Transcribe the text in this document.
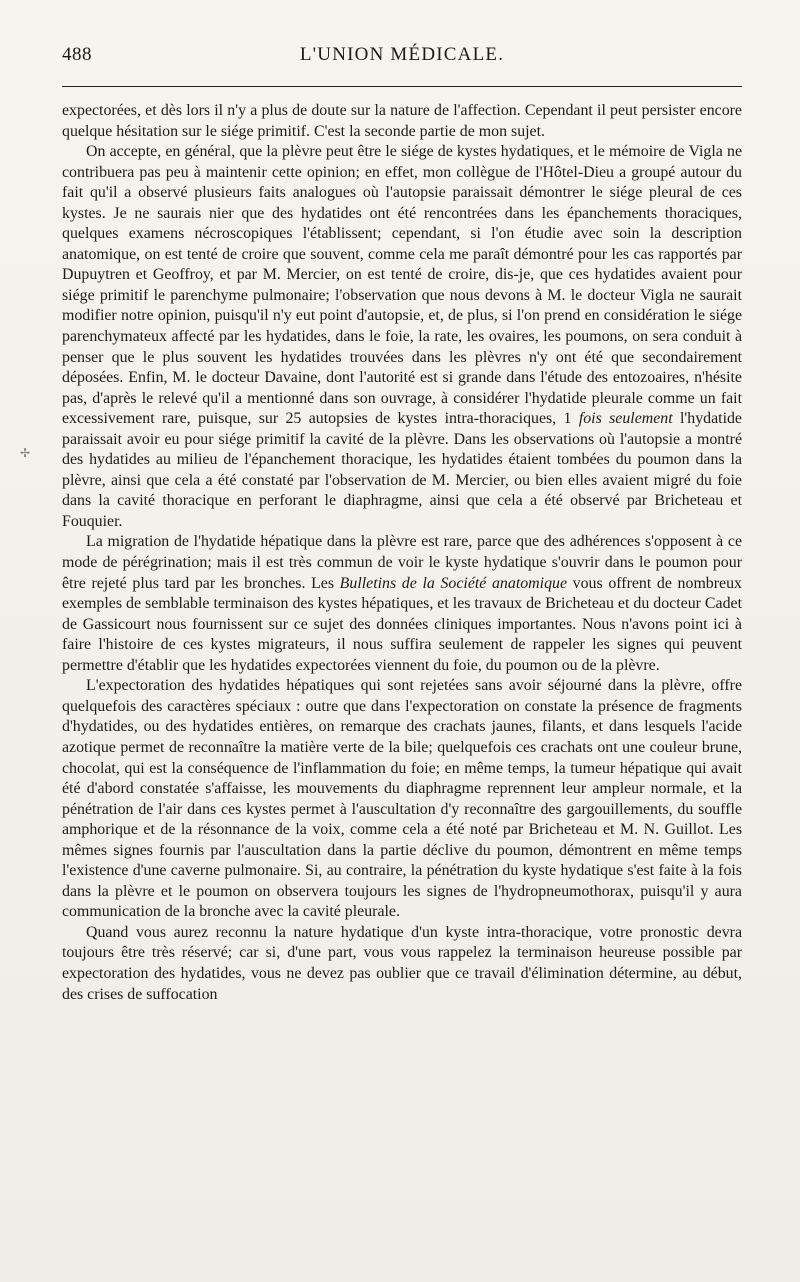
488	L'UNION MÉDICALE.

expectorées, et dès lors il n'y a plus de doute sur la nature de l'affection. Cependant il peut persister encore quelque hésitation sur le siége primitif. C'est la seconde partie de mon sujet.

On accepte, en général, que la plèvre peut être le siége de kystes hydatiques, et le mémoire de Vigla ne contribuera pas peu à maintenir cette opinion; en effet, mon collègue de l'Hôtel-Dieu a groupé autour du fait qu'il a observé plusieurs faits analogues où l'autopsie paraissait démontrer le siége pleural de ces kystes. Je ne saurais nier que des hydatides ont été rencontrées dans les épanchements thoraciques, quelques examens nécroscopiques l'établissent; cependant, si l'on étudie avec soin la description anatomique, on est tenté de croire que souvent, comme cela me paraît démontré pour les cas rapportés par Dupuytren et Geoffroy, et par M. Mercier, on est tenté de croire, dis-je, que ces hydatides avaient pour siége primitif le parenchyme pulmonaire; l'observation que nous devons à M. le docteur Vigla ne saurait modifier notre opinion, puisqu'il n'y eut point d'autopsie, et, de plus, si l'on prend en considération le siége parenchymateux affecté par les hydatides, dans le foie, la rate, les ovaires, les poumons, on sera conduit à penser que le plus souvent les hydatides trouvées dans les plèvres n'y ont été que secondairement déposées. Enfin, M. le docteur Davaine, dont l'autorité est si grande dans l'étude des entozoaires, n'hésite pas, d'après le relevé qu'il a mentionné dans son ouvrage, à considérer l'hydatide pleurale comme un fait excessivement rare, puisque, sur 25 autopsies de kystes intra-thoraciques, 1 fois seulement l'hydatide paraissait avoir eu pour siége primitif la cavité de la plèvre. Dans les observations où l'autopsie a montré des hydatides au milieu de l'épanchement thoracique, les hydatides étaient tombées du poumon dans la plèvre, ainsi que cela a été constaté par l'observation de M. Mercier, ou bien elles avaient migré du foie dans la cavité thoracique en perforant le diaphragme, ainsi que cela a été observé par Bricheteau et Fouquier.

La migration de l'hydatide hépatique dans la plèvre est rare, parce que des adhérences s'opposent à ce mode de pérégrination; mais il est très commun de voir le kyste hydatique s'ouvrir dans le poumon pour être rejeté plus tard par les bronches. Les Bulletins de la Société anatomique vous offrent de nombreux exemples de semblable terminaison des kystes hépatiques, et les travaux de Bricheteau et du docteur Cadet de Gassicourt nous fournissent sur ce sujet des données cliniques importantes. Nous n'avons point ici à faire l'histoire de ces kystes migrateurs, il nous suffira seulement de rappeler les signes qui peuvent permettre d'établir que les hydatides expectorées viennent du foie, du poumon ou de la plèvre.

L'expectoration des hydatides hépatiques qui sont rejetées sans avoir séjourné dans la plèvre, offre quelquefois des caractères spéciaux : outre que dans l'expectoration on constate la présence de fragments d'hydatides, ou des hydatides entières, on remarque des crachats jaunes, filants, et dans lesquels l'acide azotique permet de reconnaître la matière verte de la bile; quelquefois ces crachats ont une couleur brune, chocolat, qui est la conséquence de l'inflammation du foie; en même temps, la tumeur hépatique qui avait été d'abord constatée s'affaisse, les mouvements du diaphragme reprennent leur ampleur normale, et la pénétration de l'air dans ces kystes permet à l'auscultation d'y reconnaître des gargouillements, du souffle amphorique et de la résonnance de la voix, comme cela a été noté par Bricheteau et M. N. Guillot. Les mêmes signes fournis par l'auscultation dans la partie déclive du poumon, démontrent en même temps l'existence d'une caverne pulmonaire. Si, au contraire, la pénétration du kyste hydatique s'est faite à la fois dans la plèvre et le poumon on observera toujours les signes de l'hydropneumothorax, puisqu'il y aura communication de la bronche avec la cavité pleurale.

Quand vous aurez reconnu la nature hydatique d'un kyste intra-thoracique, votre pronostic devra toujours être très réservé; car si, d'une part, vous vous rappelez la terminaison heureuse possible par expectoration des hydatides, vous ne devez pas oublier que ce travail d'élimination détermine, au début, des crises de suffocation

✢
